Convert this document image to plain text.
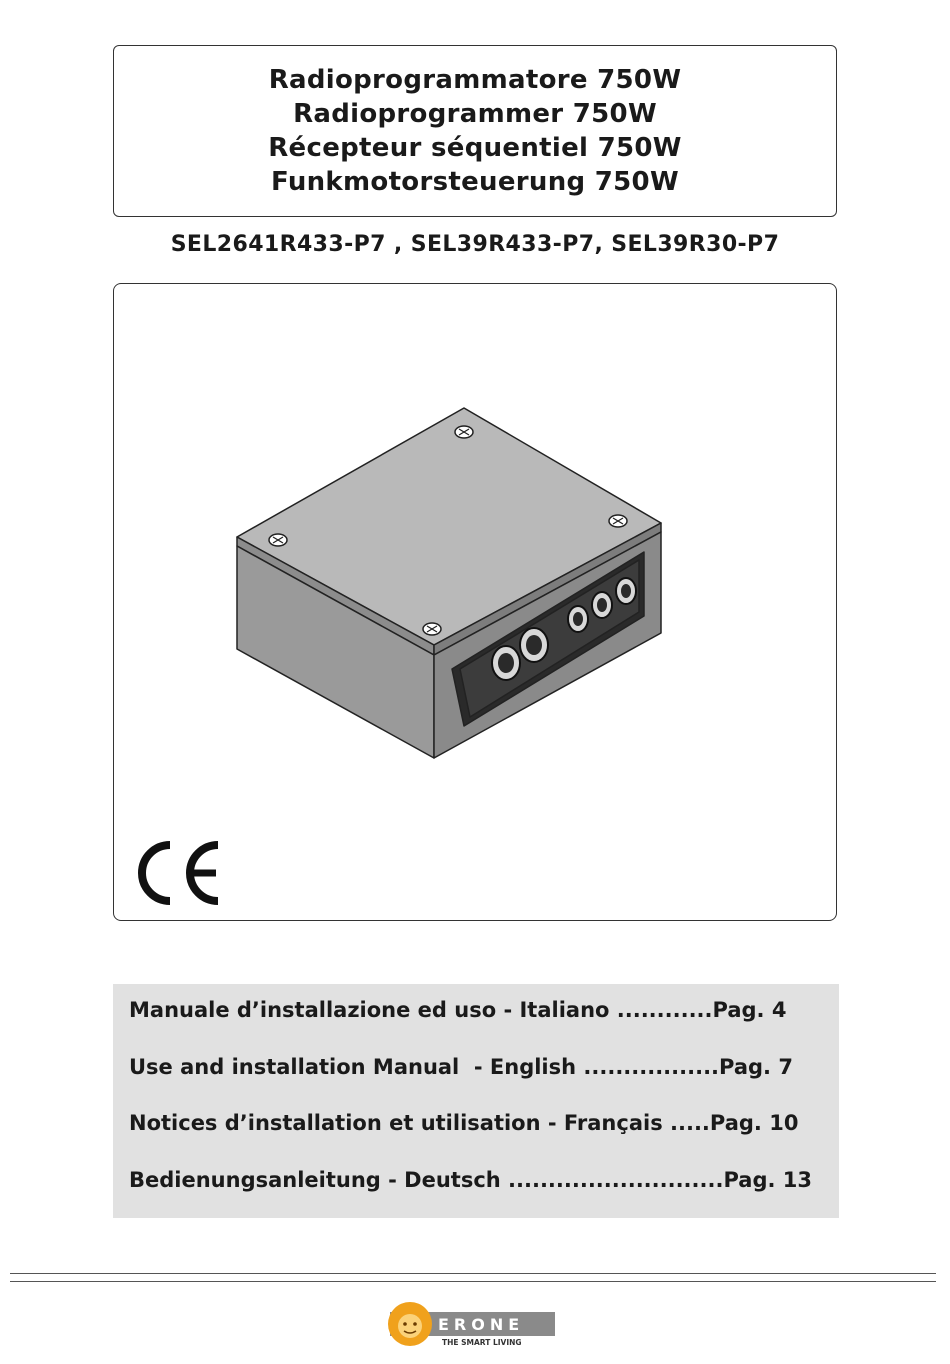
Radioprogrammatore 750W
Radioprogrammer 750W
Récepteur séquentiel 750W
Funkmotorsteuerung 750W
SEL2641R433-P7 , SEL39R433-P7, SEL39R30-P7
Manuale d’installazione ed uso - Italiano ............ Pag. 4
Use and installation Manual  - English ................. Pag. 7
Notices d’installation et utilisation - Français ..... Pag. 10
Bedienungsanleitung - Deutsch ........................... Pag. 13
ERONE
THE SMART LIVING
